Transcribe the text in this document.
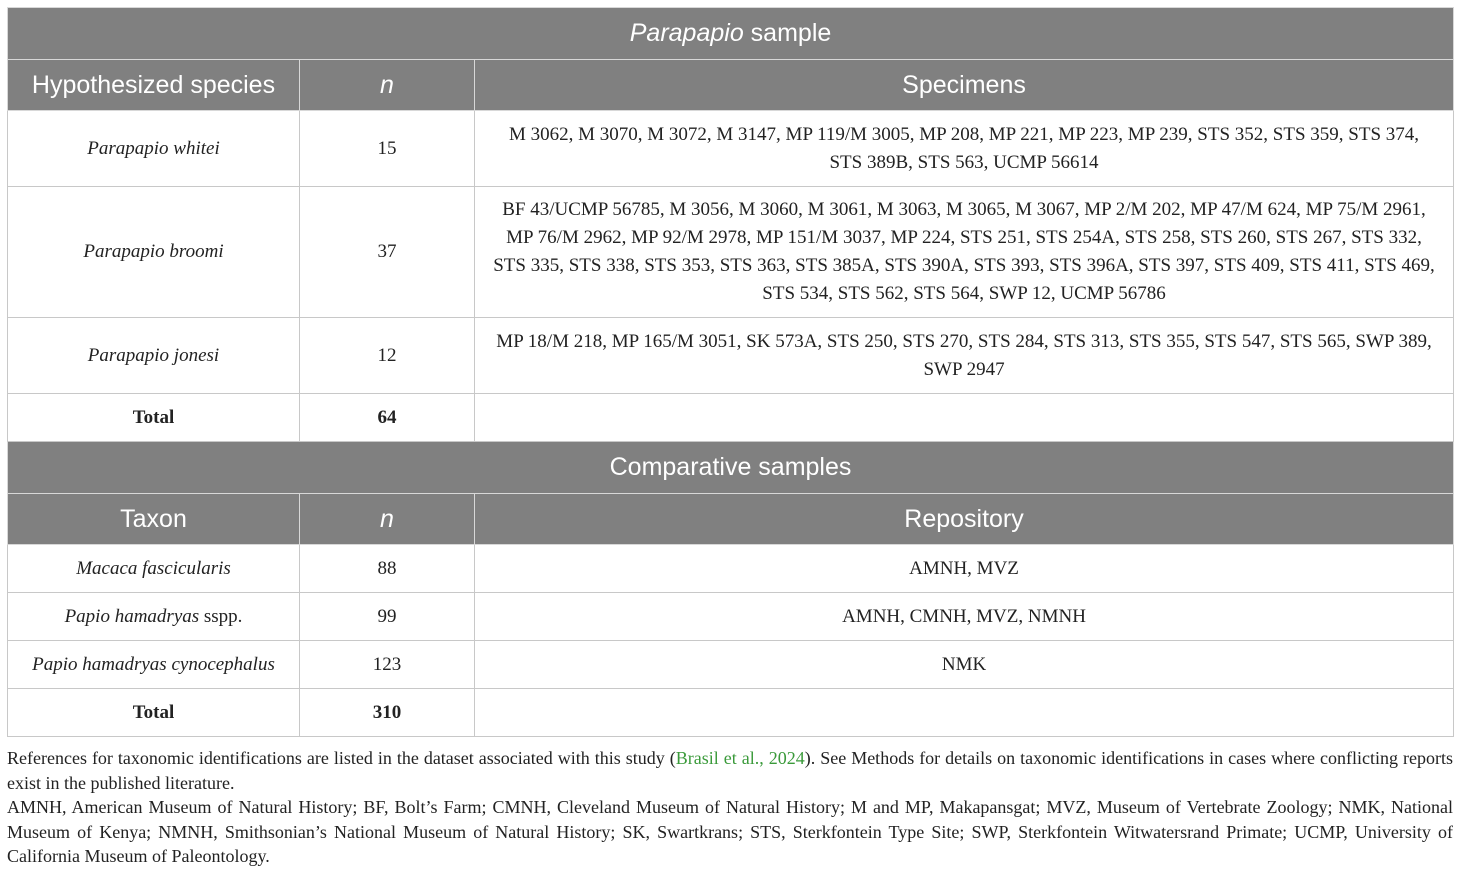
Parapapio sample		
Hypothesized species	n	Specimens
Parapapio whitei	15	M 3062, M 3070, M 3072, M 3147, MP 119/M 3005, MP 208, MP 221, MP 223, MP 239, STS 352, STS 359, STS 374, STS 389B, STS 563, UCMP 56614
Parapapio broomi	37	BF 43/UCMP 56785, M 3056, M 3060, M 3061, M 3063, M 3065, M 3067, MP 2/M 202, MP 47/M 624, MP 75/M 2961, MP 76/M 2962, MP 92/M 2978, MP 151/M 3037, MP 224, STS 251, STS 254A, STS 258, STS 260, STS 267, STS 332, STS 335, STS 338, STS 353, STS 363, STS 385A, STS 390A, STS 393, STS 396A, STS 397, STS 409, STS 411, STS 469, STS 534, STS 562, STS 564, SWP 12, UCMP 56786
Parapapio jonesi	12	MP 18/M 218, MP 165/M 3051, SK 573A, STS 250, STS 270, STS 284, STS 313, STS 355, STS 547, STS 565, SWP 389, SWP 2947
Total	64	
Comparative samples		
Taxon	n	Repository
Macaca fascicularis	88	AMNH, MVZ
Papio hamadryas sspp.	99	AMNH, CMNH, MVZ, NMNH
Papio hamadryas cynocephalus	123	NMK
Total	310	

References for taxonomic identifications are listed in the dataset associated with this study (Brasil et al., 2024). See Methods for details on taxonomic identifications in cases where conflicting reports exist in the published literature.

AMNH, American Museum of Natural History; BF, Bolt’s Farm; CMNH, Cleveland Museum of Natural History; M and MP, Makapansgat; MVZ, Museum of Vertebrate Zoology; NMK, National Museum of Kenya; NMNH, Smithsonian’s National Museum of Natural History; SK, Swartkrans; STS, Sterkfontein Type Site; SWP, Sterkfontein Witwatersrand Primate; UCMP, University of California Museum of Paleontology.
